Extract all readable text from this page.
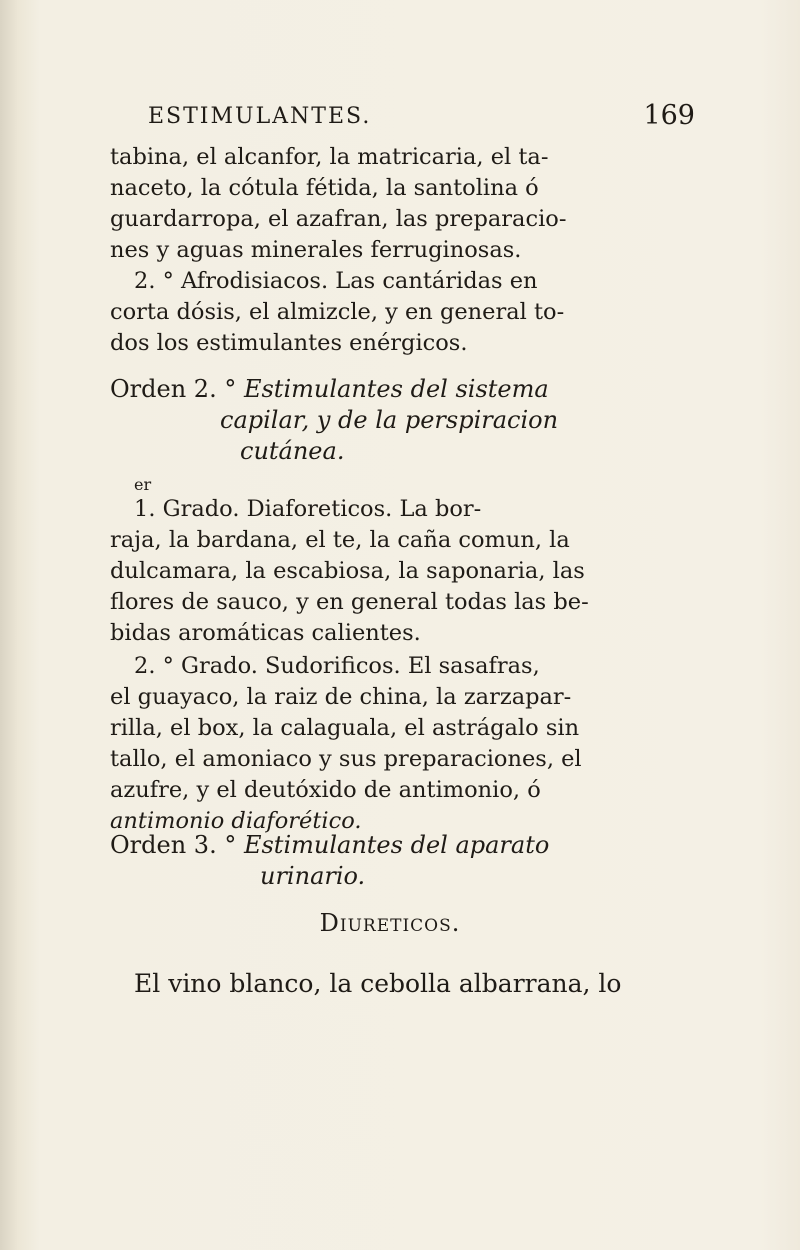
ESTIMULANTES.	169
tabina, el alcanfor, la matricaria, el ta-
naceto, la cótula fétida, la santolina ó
guardarropa, el azafran, las preparacio-
nes y aguas minerales ferruginosas.
2. ° Afrodisiacos. Las cantáridas en
corta dósis, el almizcle, y en general to-
dos los estimulantes enérgicos.
Orden 2. ° Estimulantes del sistema
capilar, y de la perspiracion
cutánea.
er
1. Grado. Diaforeticos. La bor-
raja, la bardana, el te, la caña comun, la
dulcamara, la escabiosa, la saponaria, las
flores de sauco, y en general todas las be-
bidas aromáticas calientes.
2. ° Grado. Sudorificos. El sasafras,
el guayaco, la raiz de china, la zarzapar-
rilla, el box, la calaguala, el astrágalo sin
tallo, el amoniaco y sus preparaciones, el
azufre, y el deutóxido de antimonio, ó
antimonio diaforético.
Orden 3. ° Estimulantes del aparato
urinario.
Diureticos.
El vino blanco, la cebolla albarrana, lo
